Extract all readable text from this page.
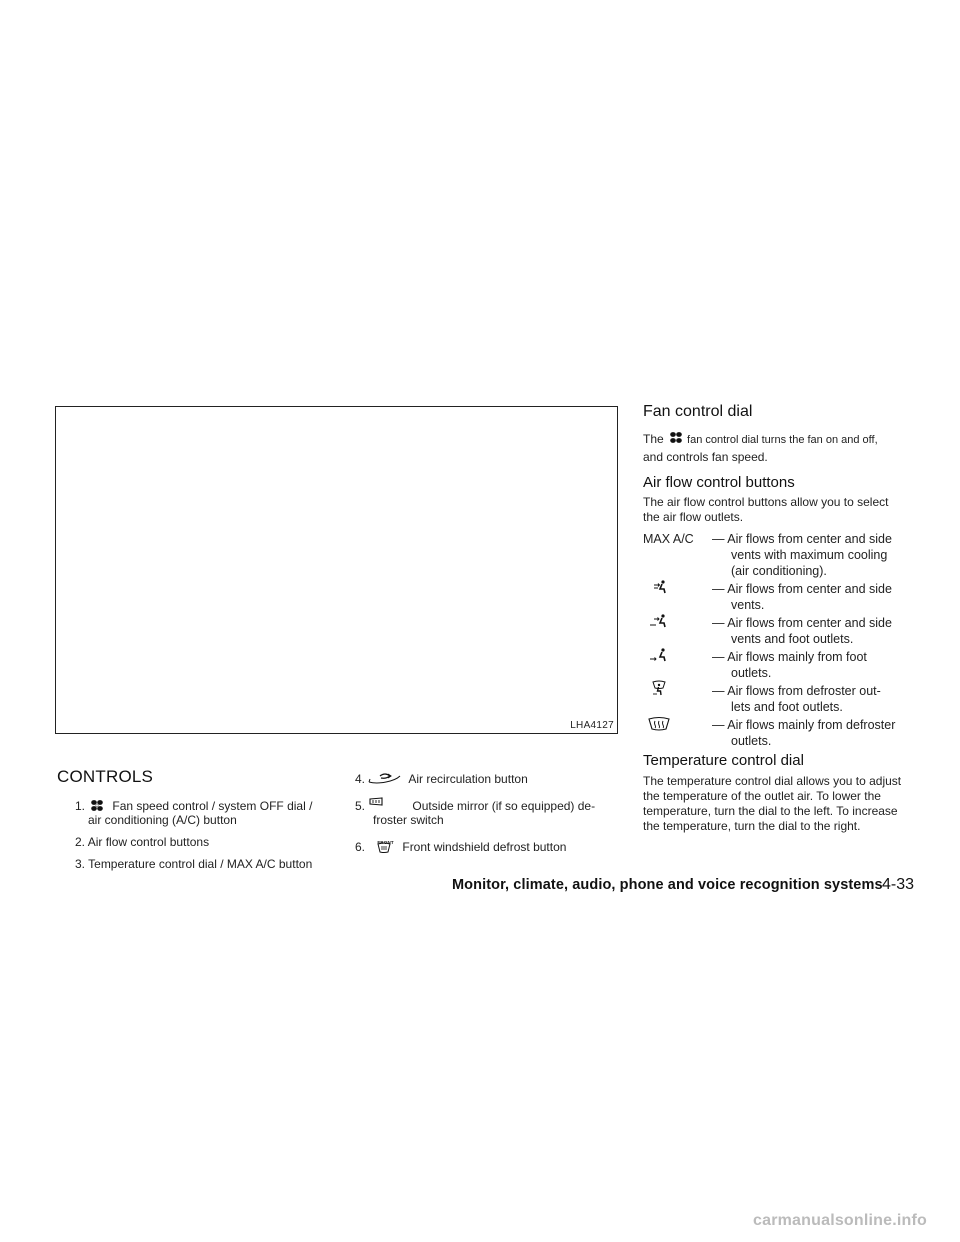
LHA4127
CONTROLS
1. Fan speed control / system OFF dial /
air conditioning (A/C) button
2. Air flow control buttons
3. Temperature control dial / MAX A/C button
4.	Air recirculation button
5.	Outside mirror (if so equipped) de-
froster switch
6.	FRONT Front windshield defrost button
Fan control dial
The fan control dial turns the fan on and off,
and controls fan speed.
Air flow control buttons
The air flow control buttons allow you to select
the air flow outlets.
MAX A/C — Air flows from center and side
vents with maximum cooling
(air conditioning).
— Air flows from center and side
vents.
— Air flows from center and side
vents and foot outlets.
— Air flows mainly from foot
outlets.
— Air flows from defroster out-
lets and foot outlets.
— Air flows mainly from defroster
outlets.
Temperature control dial
The temperature control dial allows you to adjust
the temperature of the outlet air. To lower the
temperature, turn the dial to the left. To increase
the temperature, turn the dial to the right.
Monitor, climate, audio, phone and voice recognition systems 4-33
carmanualsonline.info
